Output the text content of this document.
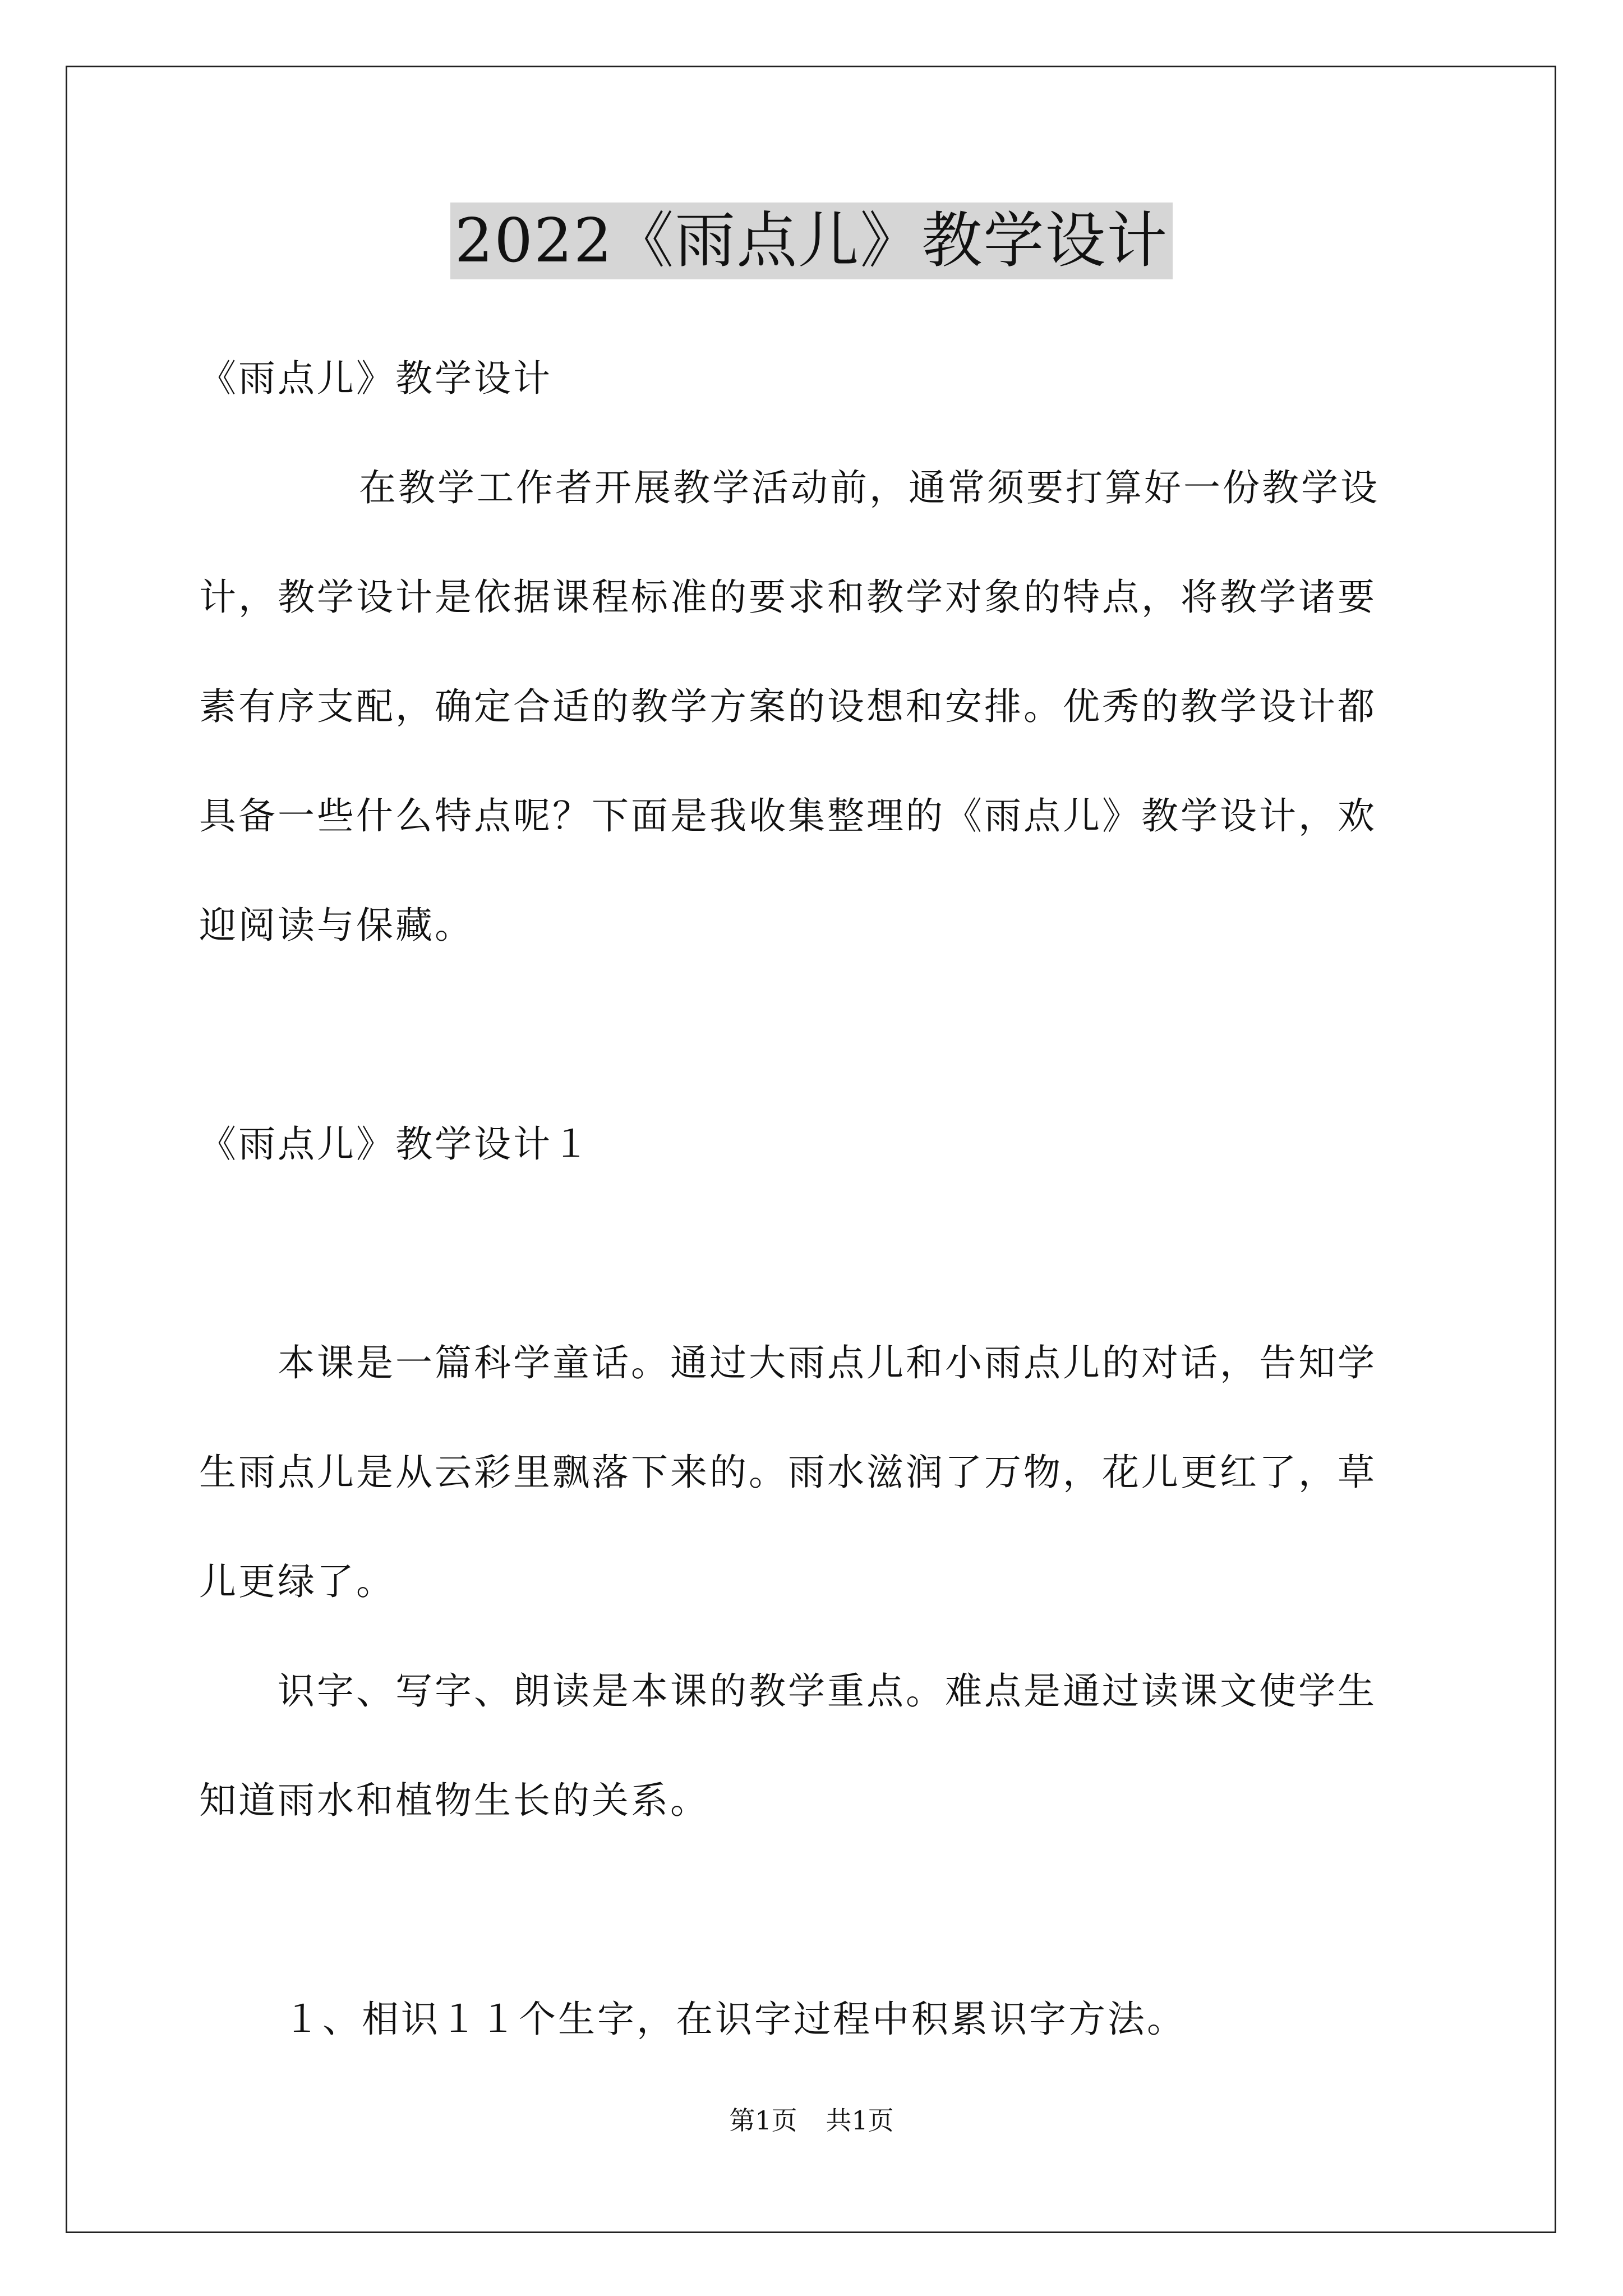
2022《雨点儿》教学设计

《雨点儿》教学设计

在教学工作者开展教学活动前，通常须要打算好一份教学设

计，教学设计是依据课程标准的要求和教学对象的特点，将教学诸要

素有序支配，确定合适的教学方案的设想和安排。优秀的教学设计都

具备一些什么特点呢？下面是我收集整理的《雨点儿》教学设计，欢

迎阅读与保藏。

《雨点儿》教学设计１

本课是一篇科学童话。通过大雨点儿和小雨点儿的对话，告知学

生雨点儿是从云彩里飘落下来的。雨水滋润了万物，花儿更红了，草

儿更绿了。

识字、写字、朗读是本课的教学重点。难点是通过读课文使学生

知道雨水和植物生长的关系。

１、相识１１个生字，在识字过程中积累识字方法。

第1页 共1页
